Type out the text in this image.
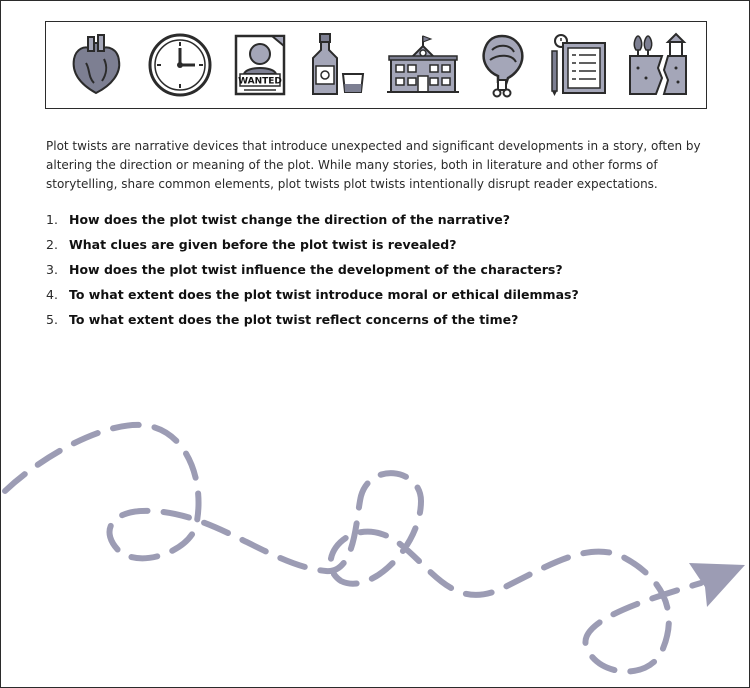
WANTED

Plot twists are narrative devices that introduce unexpected and significant developments in a story, often by altering the direction or meaning of the plot. While many stories, both in literature and other forms of storytelling, share common elements, plot twists plot twists intentionally disrupt reader expectations.

1. How does the plot twist change the direction of the narrative?
2. What clues are given before the plot twist is revealed?
3. How does the plot twist influence the development of the characters?
4. To what extent does the plot twist introduce moral or ethical dilemmas?
5. To what extent does the plot twist reflect concerns of the time?
